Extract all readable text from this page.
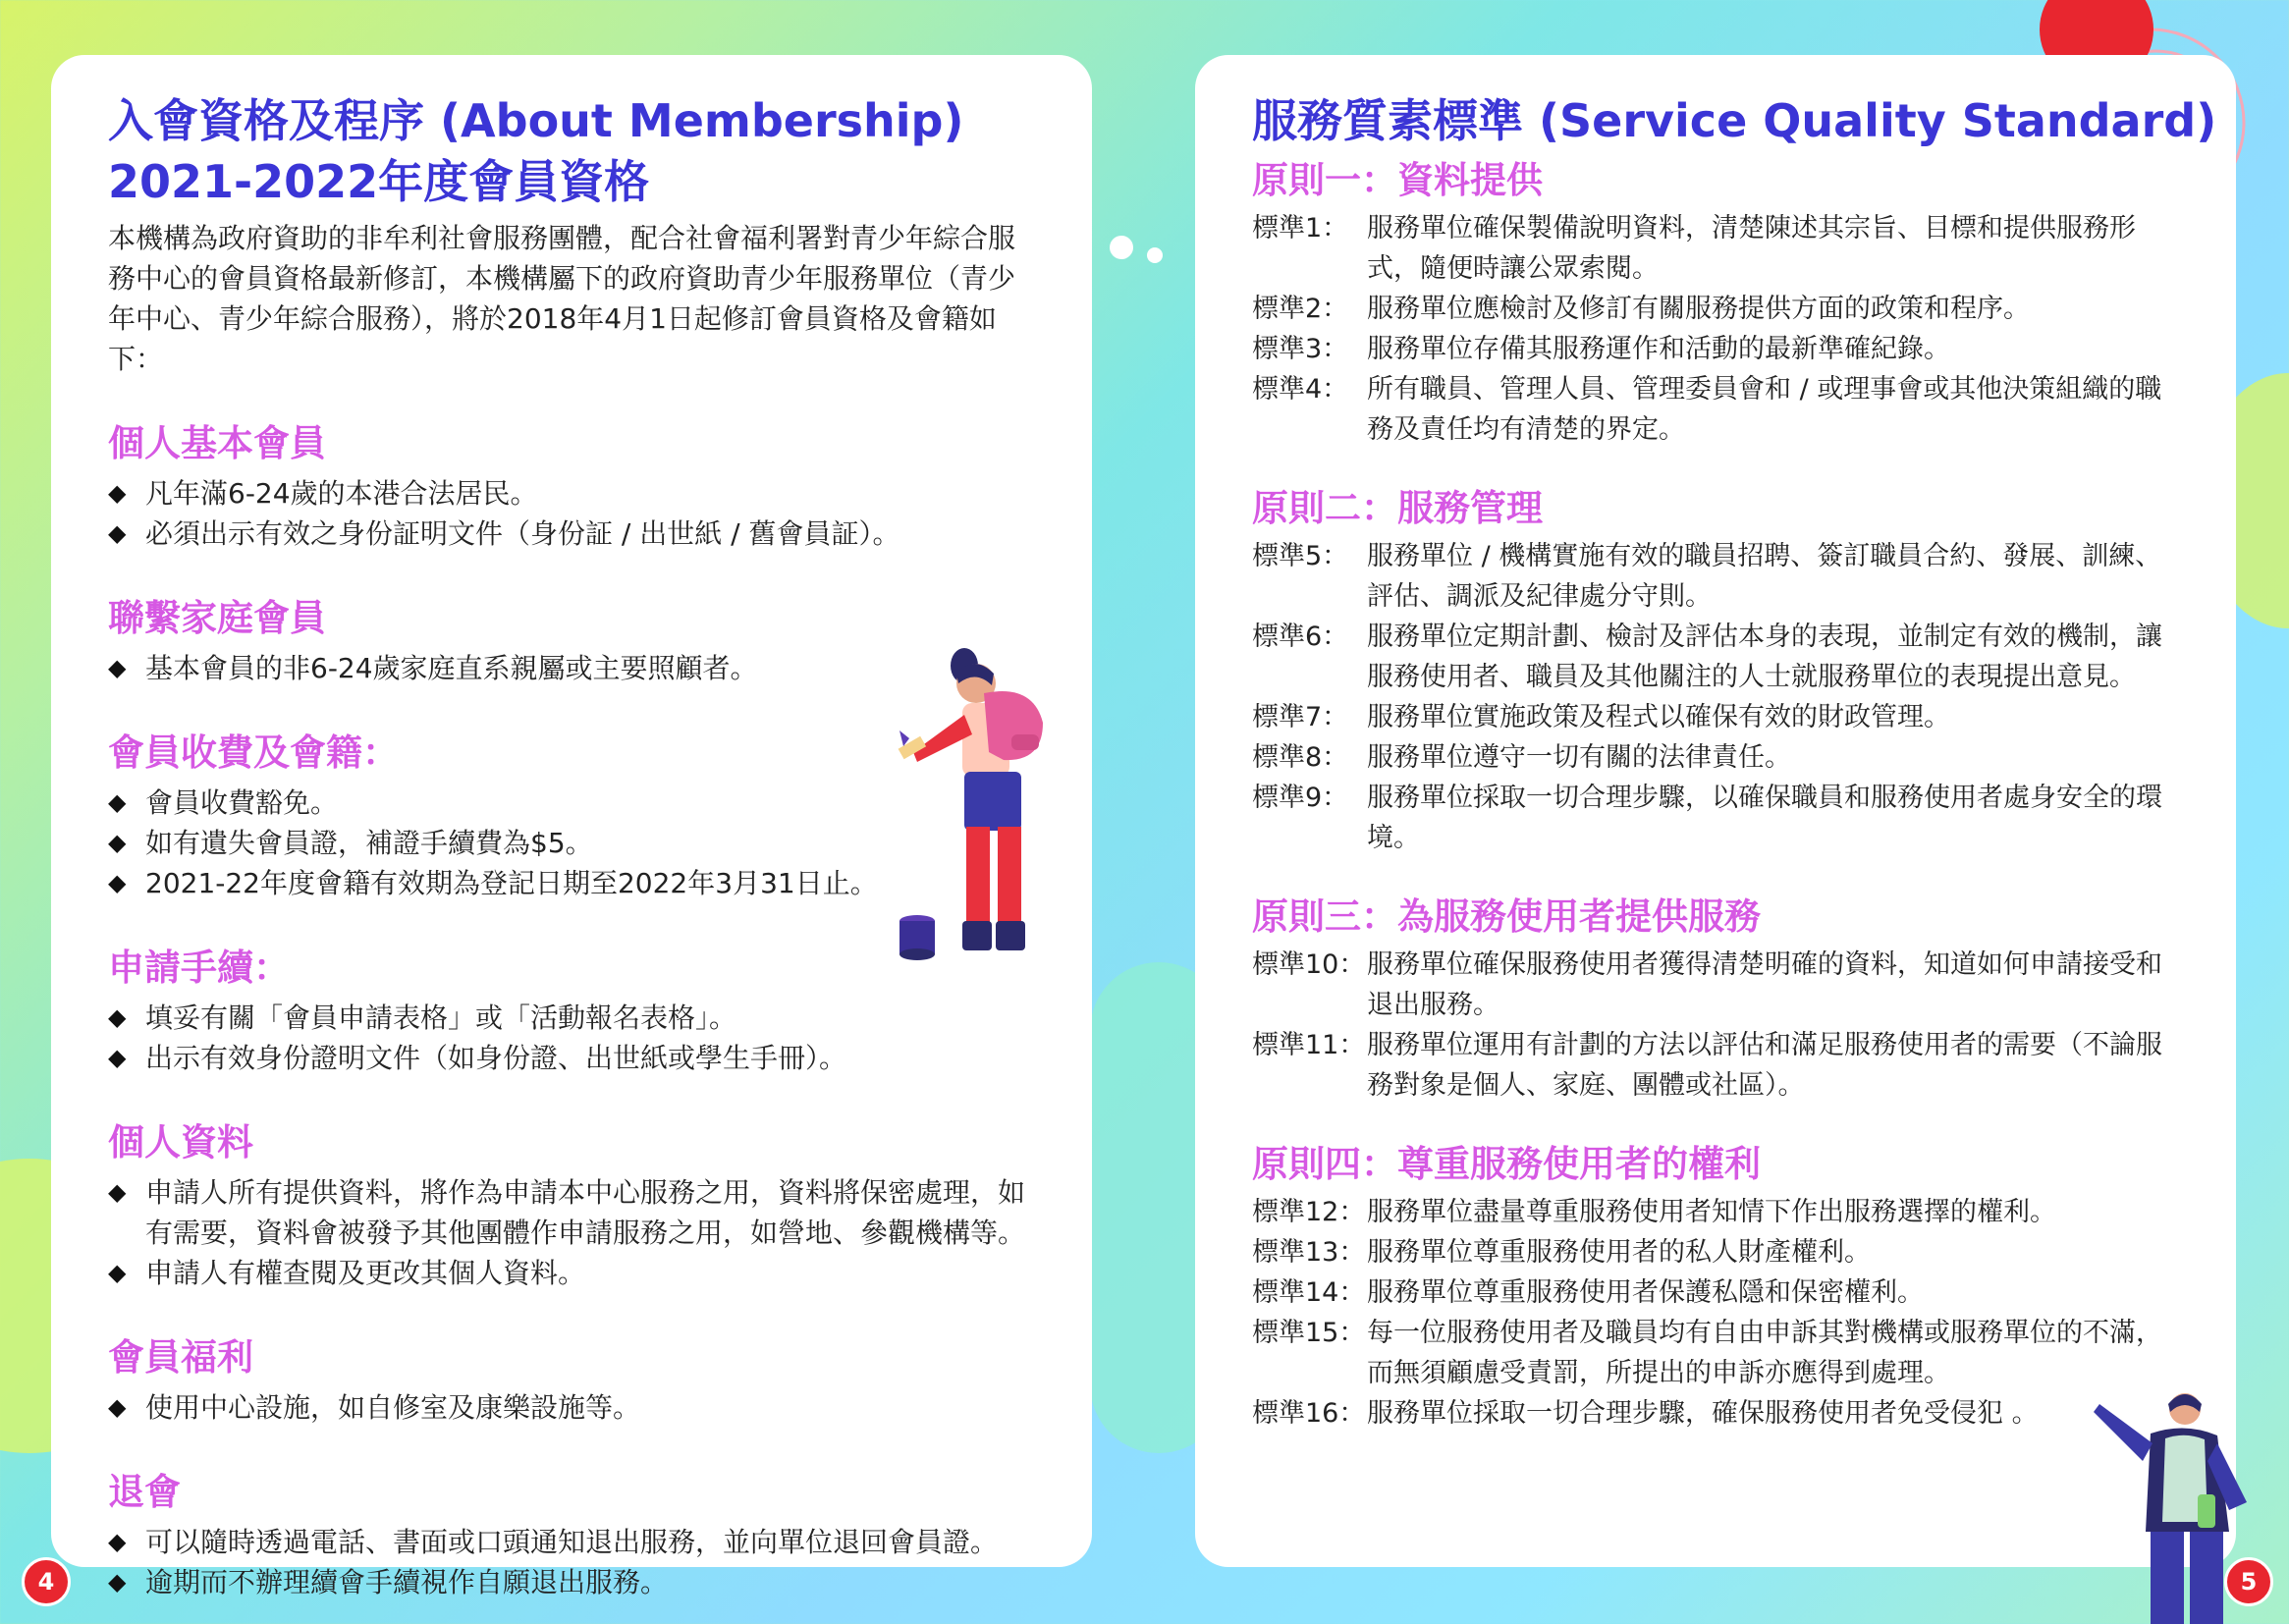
入會資格及程序 (About Membership)
2021-2022年度會員資格

本機構為政府資助的非牟利社會服務團體，配合社會福利署對青少年綜合服務中心的會員資格最新修訂，本機構屬下的政府資助青少年服務單位（青少年中心、青少年綜合服務），將於2018年4月1日起修訂會員資格及會籍如下：

個人基本會員

◆ 凡年滿6-24歲的本港合法居民。

◆ 必須出示有效之身份証明文件（身份証 / 出世紙 / 舊會員証）。

聯繫家庭會員

◆ 基本會員的非6-24歲家庭直系親屬或主要照顧者。

會員收費及會籍：

◆ 會員收費豁免。

◆ 如有遺失會員證，補證手續費為$5。

◆ 2021-22年度會籍有效期為登記日期至2022年3月31日止。

申請手續：

◆ 填妥有關「會員申請表格」或「活動報名表格」。

◆ 出示有效身份證明文件（如身份證、出世紙或學生手冊）。

個人資料

◆ 申請人所有提供資料，將作為申請本中心服務之用，資料將保密處理，如有需要，資料會被發予其他團體作申請服務之用，如營地、參觀機構等。

◆ 申請人有權查閱及更改其個人資料。

會員福利

◆ 使用中心設施，如自修室及康樂設施等。

退會

◆ 可以隨時透過電話、書面或口頭通知退出服務，並向單位退回會員證。

◆ 逾期而不辦理續會手續視作自願退出服務。

服務質素標準 (Service Quality Standard)
原則一：資料提供

標準1： 服務單位確保製備說明資料，清楚陳述其宗旨、目標和提供服務形式，隨便時讓公眾索閱。

標準2： 服務單位應檢討及修訂有關服務提供方面的政策和程序。

標準3： 服務單位存備其服務運作和活動的最新準確紀錄。

標準4： 所有職員、管理人員、管理委員會和 / 或理事會或其他決策組織的職務及責任均有清楚的界定。

原則二：服務管理

標準5： 服務單位 / 機構實施有效的職員招聘、簽訂職員合約、發展、訓練、評估、調派及紀律處分守則。

標準6： 服務單位定期計劃、檢討及評估本身的表現，並制定有效的機制，讓服務使用者、職員及其他關注的人士就服務單位的表現提出意見。

標準7： 服務單位實施政策及程式以確保有效的財政管理。

標準8： 服務單位遵守一切有關的法律責任。

標準9： 服務單位採取一切合理步驟，以確保職員和服務使用者處身安全的環境。

原則三：為服務使用者提供服務

標準10： 服務單位確保服務使用者獲得清楚明確的資料，知道如何申請接受和退出服務。

標準11： 服務單位運用有計劃的方法以評估和滿足服務使用者的需要（不論服務對象是個人、家庭、團體或社區）。

原則四：尊重服務使用者的權利

標準12： 服務單位盡量尊重服務使用者知情下作出服務選擇的權利。

標準13： 服務單位尊重服務使用者的私人財產權利。

標準14： 服務單位尊重服務使用者保護私隱和保密權利。

標準15： 每一位服務使用者及職員均有自由申訴其對機構或服務單位的不滿，而無須顧慮受責罰，所提出的申訴亦應得到處理。

標準16： 服務單位採取一切合理步驟，確保服務使用者免受侵犯 。

4	5
